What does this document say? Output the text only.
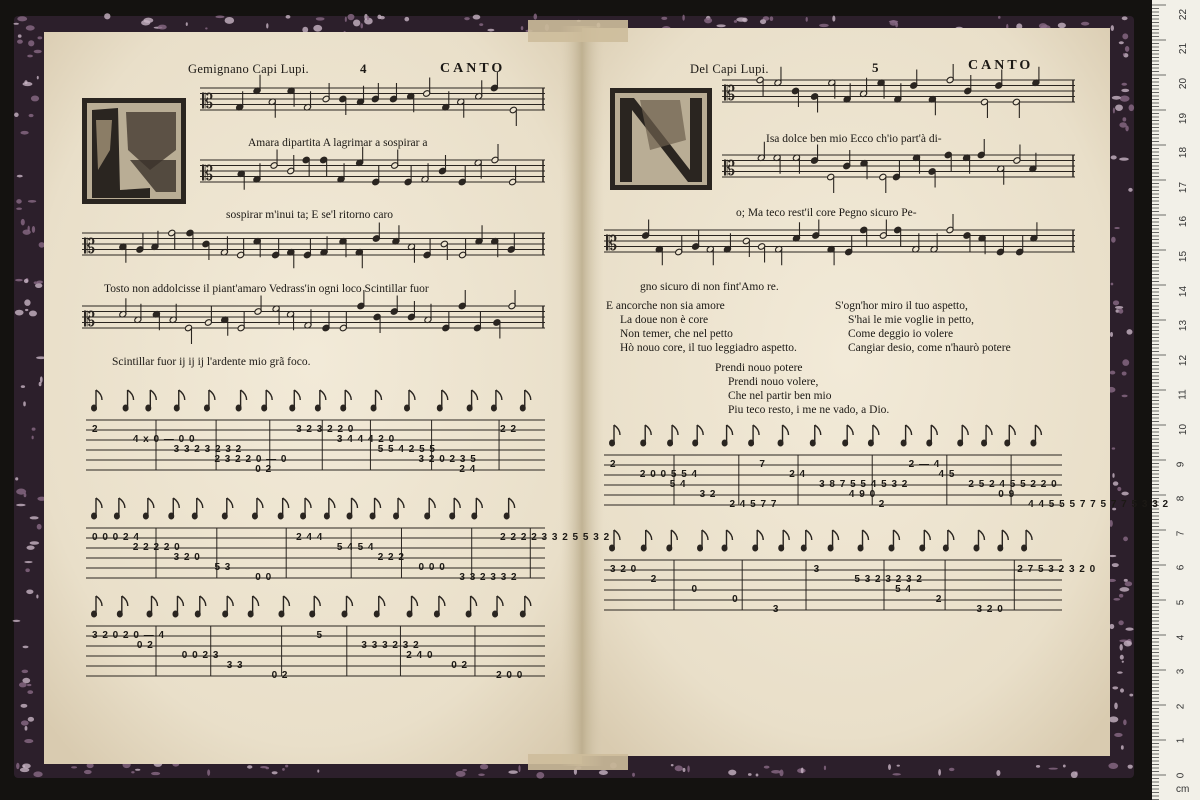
𝄡
𝄡
𝄡
𝄡
𝄡
𝄡
𝄡
Gemignano Capi Lupi.	4	CANTO
Amara dipartita A lagrimar a sospirar a
sospirar m'inui ta; E se'l ritorno caro
Tosto non addolcisse il piant'amaro Vedrass'in ogni loco Scintillar fuor
Scintillar fuor ij ij ij l'ardente mio grã foco.
Del Capi Lupi.	5	CANTO
Isa dolce ben mio Ecco ch'io part'à di-
o; Ma teco rest'il core Pegno sicuro Pe-
gno sicuro di non fint'Amo re.
E ancorche non sia amore
La doue non è core
Non temer, che nel petto
Hò nouo core, il tuo leggiadro aspetto.
S'ogn'hor miro il tuo aspetto,
S'hai le mie voglie in petto,
Come deggio io volere
Cangiar desio, come n'haurò potere
Prendi nouo potere
Prendi nouo volere,
Che nel partir ben mio
Piu teco resto, i me ne vado, a Dio.
0
1
2
3
4
5
6
7
8
9
10
11
12
13
14
15
16
17
18
19
20
21
22
cm
2
4 x 0 — 0 0
3 3 2 3 2 3 2
2 3 2 2 0 — 0
0 2
3 2 3 2 2 0
3 4 4 4 2 0
5 5 4 2 5 5
3 2 0 2 3 5
2 4
2 2
0 0 0 2 4
2 2 2 2 0
3 2 0
5 3
0 0
2 4 4
5 4 5 4
2 2 2
0 0 0
3 3 2 3 3 2
2 2 2 2 3 3 2 5 5 3 2
3 2 0 2 0 — 4
0 2
0 0 2 3
3 3
0 2
5
3 3 3 2 3 2
2 4 0
0 2
2 0 0
2
2 0 0 5 5 4
5 4
3 2
2 4 5 7 7
7
2 4
3 8 7 5 5 4 5 3 2
4 9 0
2
2 — 4
4 5
2 5 2 4 5 5 2 2 0
0 9
4 4 5 5 5 7 7 5 7 7 5 3 3 2
3 2 0
2
0
0
3
3
5 3 2 3 2 3 2
5 4
2
3 2 0
2 7 5 3 2 3 2 0
